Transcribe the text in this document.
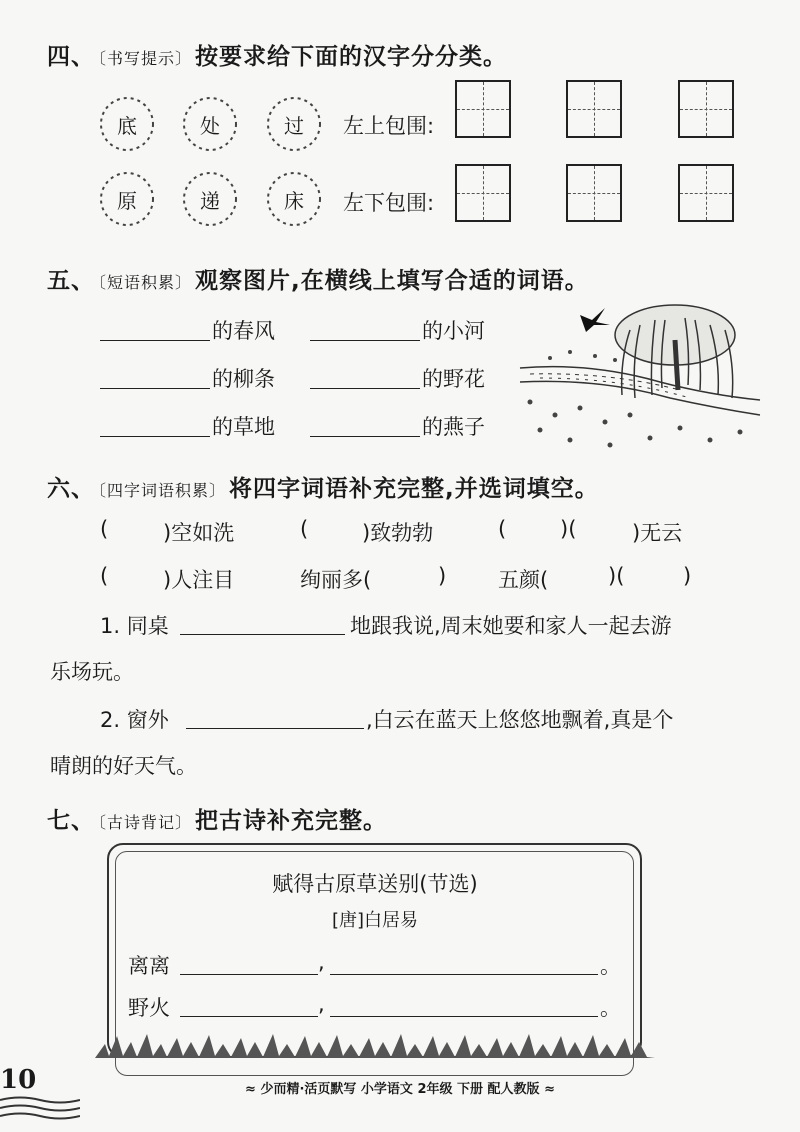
四、 〔书写提示〕 按要求给下面的汉字分分类。
底	处	过
原	递	床
左上包围:
左下包围:
五、 〔短语积累〕 观察图片,在横线上填写合适的词语。
的春风	的小河
的柳条	的野花
的草地	的燕子
六、 〔四字词语积累〕 将四字词语补充完整,并选词填空。
(	)空如洗	(	)致勃勃	(	)(	)无云
(	)人注目	绚丽多(	) 五颜(	)(	)
1. 同桌	地跟我说,周末她要和家人一起去游
乐场玩。
2. 窗外	,白云在蓝天上悠悠地飘着,真是个
晴朗的好天气。
七、 〔古诗背记〕 把古诗补充完整。
赋得古原草送别(节选)
[唐]白居易
离离	,	。
野火	,	。
10	≈ 少而精·活页默写 小学语文 2年级 下册 配人教版 ≈
